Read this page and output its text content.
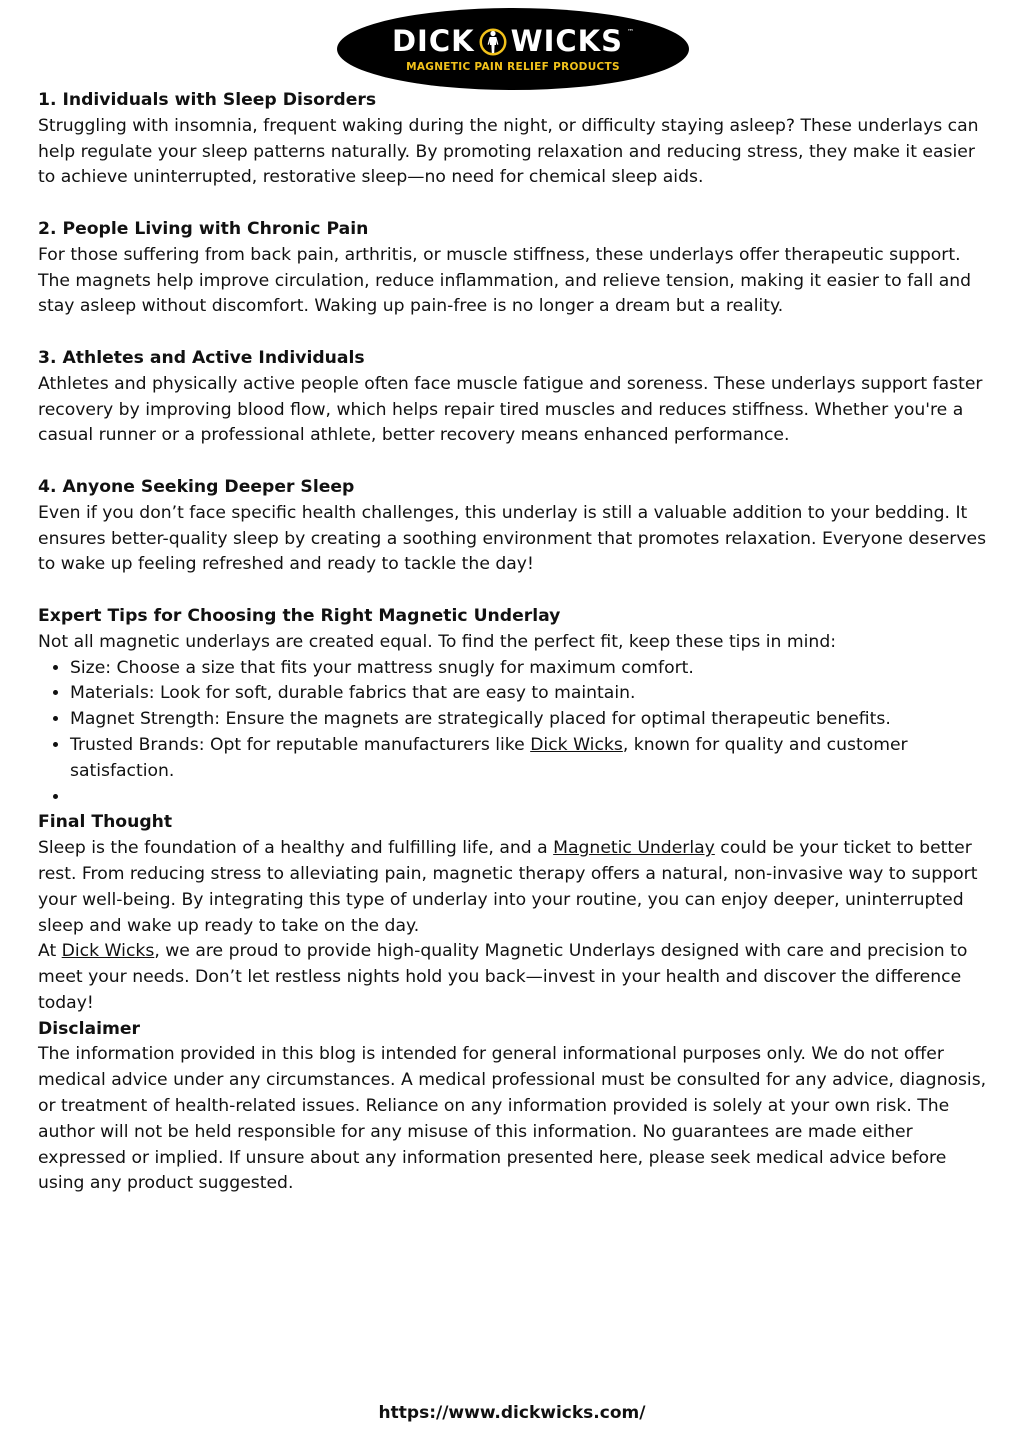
DICK WICKS ™
MAGNETIC PAIN RELIEF PRODUCTS

1. Individuals with Sleep Disorders

Struggling with insomnia, frequent waking during the night, or difficulty staying asleep? These underlays can help regulate your sleep patterns naturally. By promoting relaxation and reducing stress, they make it easier to achieve uninterrupted, restorative sleep—no need for chemical sleep aids.

2. People Living with Chronic Pain

For those suffering from back pain, arthritis, or muscle stiffness, these underlays offer therapeutic support. The magnets help improve circulation, reduce inflammation, and relieve tension, making it easier to fall and stay asleep without discomfort. Waking up pain-free is no longer a dream but a reality.

3. Athletes and Active Individuals

Athletes and physically active people often face muscle fatigue and soreness. These underlays support faster recovery by improving blood flow, which helps repair tired muscles and reduces stiffness. Whether you're a casual runner or a professional athlete, better recovery means enhanced performance.

4. Anyone Seeking Deeper Sleep

Even if you don’t face specific health challenges, this underlay is still a valuable addition to your bedding. It ensures better-quality sleep by creating a soothing environment that promotes relaxation. Everyone deserves to wake up feeling refreshed and ready to tackle the day!

Expert Tips for Choosing the Right Magnetic Underlay

Not all magnetic underlays are created equal. To find the perfect fit, keep these tips in mind:

• Size: Choose a size that fits your mattress snugly for maximum comfort.
• Materials: Look for soft, durable fabrics that are easy to maintain.
• Magnet Strength: Ensure the magnets are strategically placed for optimal therapeutic benefits.
• Trusted Brands: Opt for reputable manufacturers like Dick Wicks, known for quality and customer satisfaction.
•

Final Thought

Sleep is the foundation of a healthy and fulfilling life, and a Magnetic Underlay could be your ticket to better rest. From reducing stress to alleviating pain, magnetic therapy offers a natural, non-invasive way to support your well-being. By integrating this type of underlay into your routine, you can enjoy deeper, uninterrupted sleep and wake up ready to take on the day.

At Dick Wicks, we are proud to provide high-quality Magnetic Underlays designed with care and precision to meet your needs. Don’t let restless nights hold you back—invest in your health and discover the difference today!

Disclaimer

The information provided in this blog is intended for general informational purposes only. We do not offer medical advice under any circumstances. A medical professional must be consulted for any advice, diagnosis, or treatment of health-related issues. Reliance on any information provided is solely at your own risk. The author will not be held responsible for any misuse of this information. No guarantees are made either expressed or implied. If unsure about any information presented here, please seek medical advice before using any product suggested.

https://www.dickwicks.com/
